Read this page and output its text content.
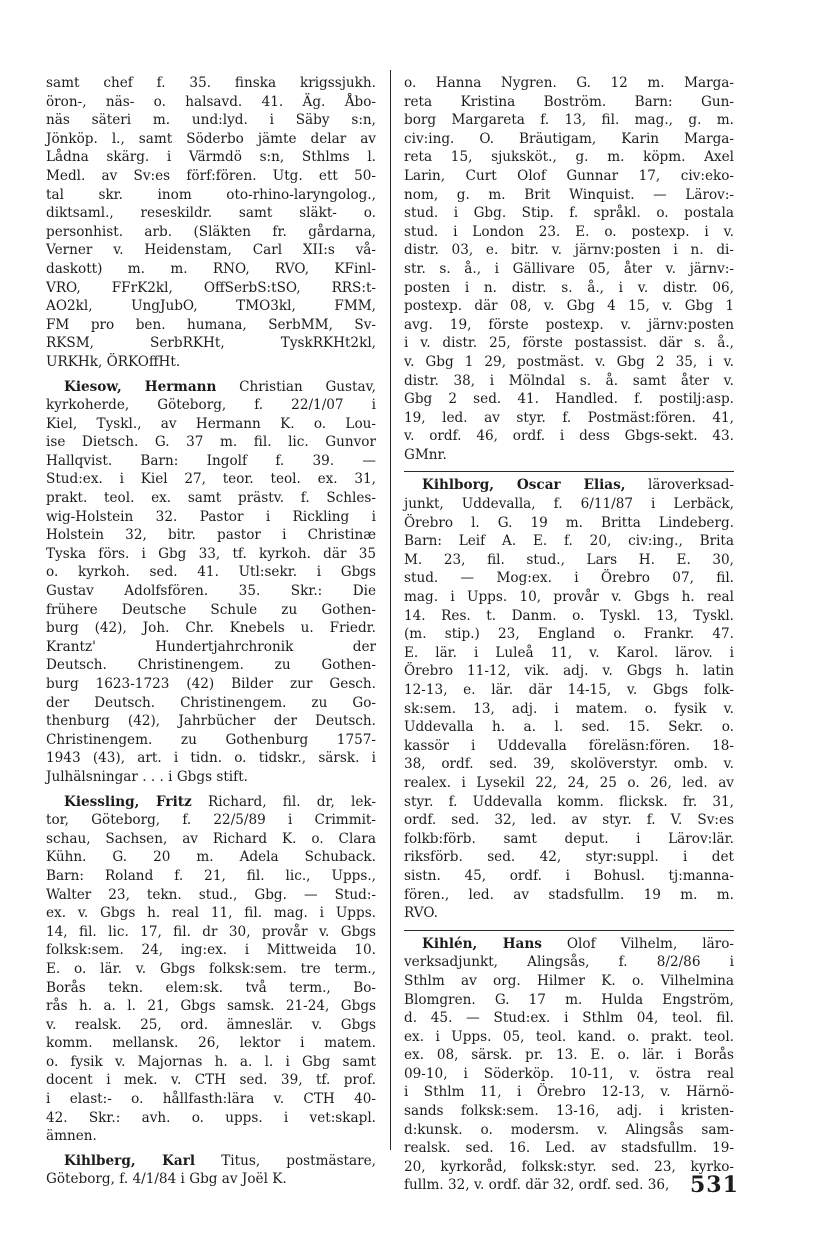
samt chef f. 35. finska krigssjukh.
öron-, näs- o. halsavd. 41. Äg. Åbo-
näs säteri m. und:lyd. i Säby s:n,
Jönköp. l., samt Söderbo jämte delar av
Lådna skärg. i Värmdö s:n, Sthlms l.
Medl. av Sv:es förf:fören. Utg. ett 50-
tal skr. inom oto-rhino-laryngolog.,
diktsaml., reseskildr. samt släkt- o.
personhist. arb. (Släkten fr. gårdarna,
Verner v. Heidenstam, Carl XII:s vå-
daskott) m. m. RNO, RVO, KFinl-
VRO, FFrK2kl, OffSerbS:tSO, RRS:t-
AO2kl, UngJubO, TMO3kl, FMM,
FM pro ben. humana, SerbMM, Sv-
RKSM, SerbRKHt, TyskRKHt2kl,
URKHk, ÖRKOffHt.
Kiesow, Hermann Christian Gustav,
kyrkoherde, Göteborg, f. 22/1/07 i
Kiel, Tyskl., av Hermann K. o. Lou-
ise Dietsch. G. 37 m. fil. lic. Gunvor
Hallqvist. Barn: Ingolf f. 39. —
Stud:ex. i Kiel 27, teor. teol. ex. 31,
prakt. teol. ex. samt prästv. f. Schles-
wig-Holstein 32. Pastor i Rickling i
Holstein 32, bitr. pastor i Christinæ
Tyska förs. i Gbg 33, tf. kyrkoh. där 35
o. kyrkoh. sed. 41. Utl:sekr. i Gbgs
Gustav Adolfsfören. 35. Skr.: Die
frühere Deutsche Schule zu Gothen-
burg (42), Joh. Chr. Knebels u. Friedr.
Krantz' Hundertjahrchronik der
Deutsch. Christinengem. zu Gothen-
burg 1623-1723 (42) Bilder zur Gesch.
der Deutsch. Christinengem. zu Go-
thenburg (42), Jahrbücher der Deutsch.
Christinengem. zu Gothenburg 1757-
1943 (43), art. i tidn. o. tidskr., särsk. i
Julhälsningar . . . i Gbgs stift.
Kiessling, Fritz Richard, fil. dr, lek-
tor, Göteborg, f. 22/5/89 i Crimmit-
schau, Sachsen, av Richard K. o. Clara
Kühn. G. 20 m. Adela Schuback.
Barn: Roland f. 21, fil. lic., Upps.,
Walter 23, tekn. stud., Gbg. — Stud:-
ex. v. Gbgs h. real 11, fil. mag. i Upps.
14, fil. lic. 17, fil. dr 30, provår v. Gbgs
folksk:sem. 24, ing:ex. i Mittweida 10.
E. o. lär. v. Gbgs folksk:sem. tre term.,
Borås tekn. elem:sk. två term., Bo-
rås h. a. l. 21, Gbgs samsk. 21-24, Gbgs
v. realsk. 25, ord. ämneslär. v. Gbgs
komm. mellansk. 26, lektor i matem.
o. fysik v. Majornas h. a. l. i Gbg samt
docent i mek. v. CTH sed. 39, tf. prof.
i elast:- o. hållfasth:lära v. CTH 40-
42. Skr.: avh. o. upps. i vet:skapl.
ämnen.
Kihlberg, Karl Titus, postmästare,
Göteborg, f. 4/1/84 i Gbg av Joël K.
o. Hanna Nygren. G. 12 m. Marga-
reta Kristina Boström. Barn: Gun-
borg Margareta f. 13, fil. mag., g. m.
civ:ing. O. Bräutigam, Karin Marga-
reta 15, sjuksköt., g. m. köpm. Axel
Larin, Curt Olof Gunnar 17, civ:eko-
nom, g. m. Brit Winquist. — Lärov:-
stud. i Gbg. Stip. f. språkl. o. postala
stud. i London 23. E. o. postexp. i v.
distr. 03, e. bitr. v. järnv:posten i n. di-
str. s. å., i Gällivare 05, åter v. järnv:-
posten i n. distr. s. å., i v. distr. 06,
postexp. där 08, v. Gbg 4 15, v. Gbg 1
avg. 19, förste postexp. v. järnv:posten
i v. distr. 25, förste postassist. där s. å.,
v. Gbg 1 29, postmäst. v. Gbg 2 35, i v.
distr. 38, i Mölndal s. å. samt åter v.
Gbg 2 sed. 41. Handled. f. postilj:asp.
19, led. av styr. f. Postmäst:fören. 41,
v. ordf. 46, ordf. i dess Gbgs-sekt. 43.
GMnr.
Kihlborg, Oscar Elias, läroverksad-
junkt, Uddevalla, f. 6/11/87 i Lerbäck,
Örebro l. G. 19 m. Britta Lindeberg.
Barn: Leif A. E. f. 20, civ:ing., Brita
M. 23, fil. stud., Lars H. E. 30,
stud. — Mog:ex. i Örebro 07, fil.
mag. i Upps. 10, provår v. Gbgs h. real
14. Res. t. Danm. o. Tyskl. 13, Tyskl.
(m. stip.) 23, England o. Frankr. 47.
E. lär. i Luleå 11, v. Karol. lärov. i
Örebro 11-12, vik. adj. v. Gbgs h. latin
12-13, e. lär. där 14-15, v. Gbgs folk-
sk:sem. 13, adj. i matem. o. fysik v.
Uddevalla h. a. l. sed. 15. Sekr. o.
kassör i Uddevalla föreläsn:fören. 18-
38, ordf. sed. 39, skolöverstyr. omb. v.
realex. i Lysekil 22, 24, 25 o. 26, led. av
styr. f. Uddevalla komm. flicksk. fr. 31,
ordf. sed. 32, led. av styr. f. V. Sv:es
folkb:förb. samt deput. i Lärov:lär.
riksförb. sed. 42, styr:suppl. i det
sistn. 45, ordf. i Bohusl. tj:manna-
fören., led. av stadsfullm. 19 m. m.
RVO.
Kihlén, Hans Olof Vilhelm, läro-
verksadjunkt, Alingsås, f. 8/2/86 i
Sthlm av org. Hilmer K. o. Vilhelmina
Blomgren. G. 17 m. Hulda Engström,
d. 45. — Stud:ex. i Sthlm 04, teol. fil.
ex. i Upps. 05, teol. kand. o. prakt. teol.
ex. 08, särsk. pr. 13. E. o. lär. i Borås
09-10, i Söderköp. 10-11, v. östra real
i Sthlm 11, i Örebro 12-13, v. Härnö-
sands folksk:sem. 13-16, adj. i kristen-
d:kunsk. o. modersm. v. Alingsås sam-
realsk. sed. 16. Led. av stadsfullm. 19-
20, kyrkoråd, folksk:styr. sed. 23, kyrko-
fullm. 32, v. ordf. där 32, ordf. sed. 36, 531
